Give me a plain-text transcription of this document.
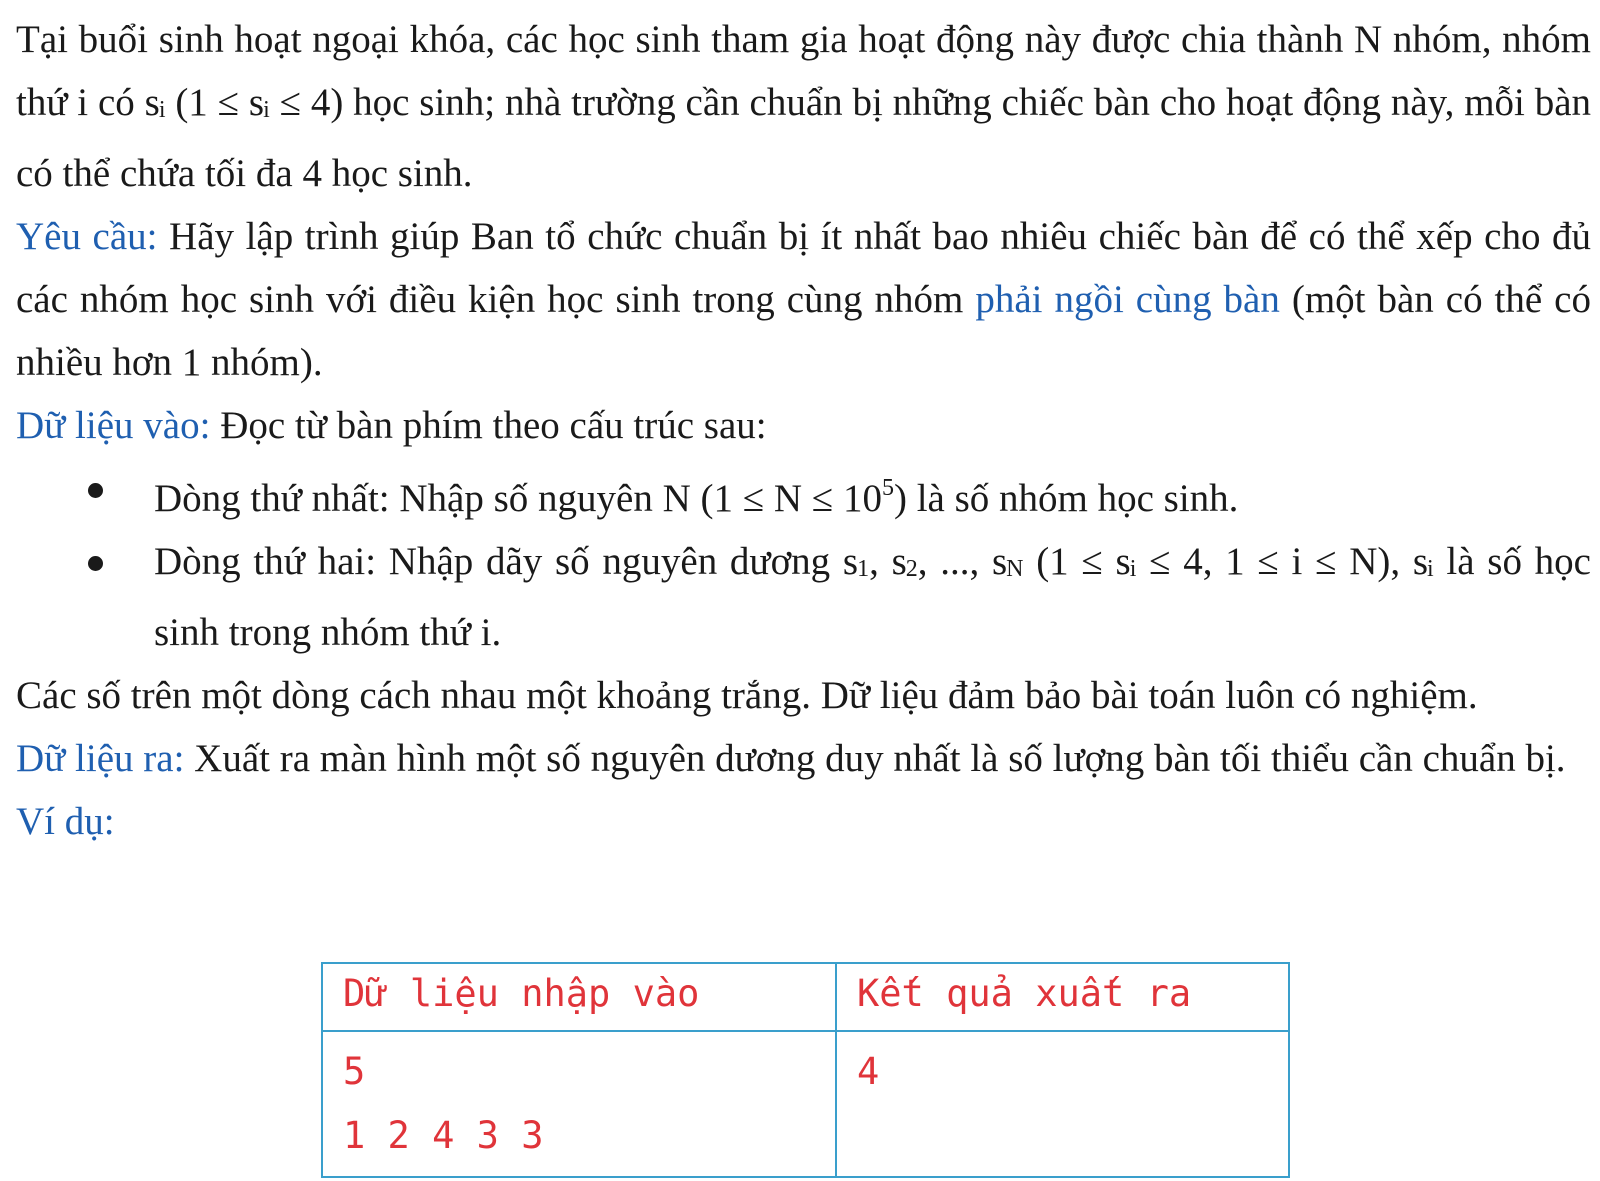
Tại buổi sinh hoạt ngoại khóa, các học sinh tham gia hoạt động này được chia thành N nhóm, nhóm thứ i có si (1 ≤ si ≤ 4) học sinh; nhà trường cần chuẩn bị những chiếc bàn cho hoạt động này, mỗi bàn có thể chứa tối đa 4 học sinh.

Yêu cầu: Hãy lập trình giúp Ban tổ chức chuẩn bị ít nhất bao nhiêu chiếc bàn để có thể xếp cho đủ các nhóm học sinh với điều kiện học sinh trong cùng nhóm phải ngồi cùng bàn (một bàn có thể có nhiều hơn 1 nhóm).

Dữ liệu vào: Đọc từ bàn phím theo cấu trúc sau:

Dòng thứ nhất: Nhập số nguyên N $(1 \le N \le 10^5)$ là số nhóm học sinh.
Dòng thứ hai: Nhập dãy số nguyên dương s1, s2, ..., sN (1 ≤ si ≤ 4, 1 ≤ i ≤ N), si là số học sinh trong nhóm thứ i.

Các số trên một dòng cách nhau một khoảng trắng. Dữ liệu đảm bảo bài toán luôn có nghiệm.

Dữ liệu ra: Xuất ra màn hình một số nguyên dương duy nhất là số lượng bàn tối thiểu cần chuẩn bị.

Ví dụ:

Dữ liệu nhập vào	Kết quả xuất ra

5
1 2 4 3 3	4
